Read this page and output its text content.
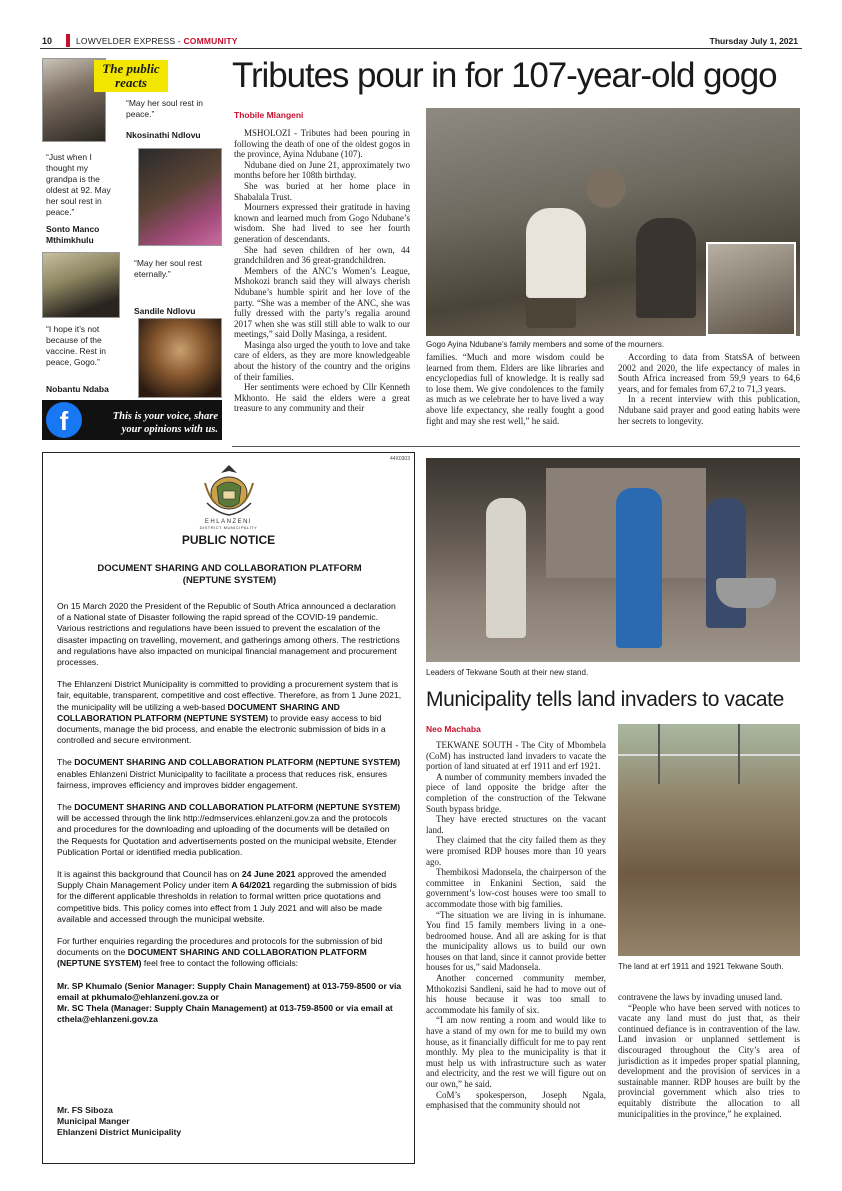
10	LOWVELDER EXPRESS - COMMUNITY	Thursday July 1, 2021
The public
reacts
“May her soul rest in peace.”
Nkosinathi Ndlovu
“Just when I thought my grandpa is the oldest at 92. May her soul rest in peace.”
Sonto Manco Mthimkhulu
“May her soul rest eternally.”
Sandile Ndlovu
“I hope it’s not because of the vaccine. Rest in peace, Gogo.”
Nobantu Ndaba
f	This is your voice, share
your opinions with us.
Tributes pour in for 107-year-old gogo
Thobile Mlangeni

MSHOLOZI - Tributes had been pouring in following the death of one of the oldest gogos in the province, Ayina Ndubane (107).

Ndubane died on June 21, approximately two months before her 108th birthday.

She was buried at her home place in Shabalala Trust.

Mourners expressed their gratitude in having known and learned much from Gogo Ndubane’s wisdom. She had lived to see her fourth generation of descendants.

She had seven children of her own, 44 grandchildren and 36 great-grandchildren.

Members of the ANC’s Women’s League, Mshokozi branch said they will always cherish Ndubane’s humble spirit and her love of the party. “She was a member of the ANC, she was fully dressed with the party’s regalia around 2017 when she was still still able to walk to our meetings,” said Dolly Masinga, a resident.

Masinga also urged the youth to love and take care of elders, as they are more knowledgeable about the history of the country and the origins of their families.

Her sentiments were echoed by Cllr Kenneth Mkhonto. He said the elders were a great treasure to any community and their

Gogo Ayina Ndubane’s family members and some of the mourners.
families. “Much and more wisdom could be learned from them. Elders are like libraries and encyclopedias full of knowledge. It is really sad to lose them. We give condolences to the family as much as we celebrate her to have lived a way above life expectancy, she really fought a good fight and may she rest well,” he said.

According to data from StatsSA of between 2002 and 2020, the life expectancy of males in South Africa increased from 59,9 years to 64,6 years, and for females from 67,2 to 71,3 years.

In a recent interview with this publication, Ndubane said prayer and good eating habits were her secrets to longevity.

44X0303
EHLANZENI
DISTRICT MUNICIPALITY
PUBLIC NOTICE
DOCUMENT SHARING AND COLLABORATION PLATFORM
(NEPTUNE SYSTEM)

On 15 March 2020 the President of the Republic of South Africa announced a declaration of a National state of Disaster following the rapid spread of the COVID-19 pandemic. Various restrictions and regulations have been issued to prevent the escalation of the disaster impacting on travelling, movement, and gatherings among others. The restrictions and regulations have also impacted on municipal financial management and procurement processes.

The Ehlanzeni District Municipality is committed to providing a procurement system that is fair, equitable, transparent, competitive and cost effective. Therefore, as from 1 June 2021, the municipality will be utilizing a web-based DOCUMENT SHARING AND COLLABORATION PLATFORM (NEPTUNE SYSTEM) to provide easy access to bid documents, manage the bid process, and enable the electronic submission of bids in a controlled and secure environment.

The DOCUMENT SHARING AND COLLABORATION PLATFORM (NEPTUNE SYSTEM) enables Ehlanzeni District Municipality to facilitate a process that reduces risk, ensures fairness, improves efficiency and improves bidder engagement.

The DOCUMENT SHARING AND COLLABORATION PLATFORM (NEPTUNE SYSTEM) will be accessed through the link http://edmservices.ehlanzeni.gov.za and the protocols and procedures for the downloading and uploading of the documents will be detailed on the Requests for Quotation and advertisements posted on the municipal website, Etender Publication Portal or identified media publication.

It is against this background that Council has on 24 June 2021 approved the amended Supply Chain Management Policy under item A 64/2021 regarding the submission of bids for the different applicable thresholds in relation to formal written price quotations and competitive bids. This policy comes into effect from 1 July 2021 and will also be made available and accessed through the municipal website.

For further enquiries regarding the procedures and protocols for the submission of bid documents on the DOCUMENT SHARING AND COLLABORATION PLATFORM (NEPTUNE SYSTEM) feel free to contact the following officials:

Mr. SP Khumalo (Senior Manager: Supply Chain Management) at 013-759-8500 or via email at pkhumalo@ehlanzeni.gov.za or
Mr. SC Thela (Manager: Supply Chain Management) at 013-759-8500 or via email at cthela@ehlanzeni.gov.za

Mr. FS Siboza
Municipal Manger
Ehlanzeni District Municipality
Leaders of Tekwane South at their new stand.
Municipality tells land invaders to vacate
Neo Machaba

TEKWANE SOUTH - The City of Mbombela (CoM) has instructed land invaders to vacate the portion of land situated at erf 1911 and erf 1921.

A number of community members invaded the piece of land opposite the bridge after the completion of the construction of the Tekwane South bypass bridge.

They have erected structures on the vacant land.

They claimed that the city failed them as they were promised RDP houses more than 10 years ago.

Thembikosi Madonsela, the chairperson of the committee in Enkanini Section, said the government’s low-cost houses were too small to accommodate those with big families.

“The situation we are living in is inhumane. You find 15 family members living in a one-bedroomed house. And all are asking for is that the municipality allows us to build our own houses on that land, since it cannot provide better houses for us,” said Madonsela.

Another concerned community member, Mthokozisi Sandleni, said he had to move out of his house because it was too small to accommodate his family of six.

“I am now renting a room and would like to have a stand of my own for me to build my own house, as it financially difficult for me to pay rent monthly. My plea to the municipality is that it must help us with infrastructure such as water and electricity, and the rest we will figure out on our own,” he said.

CoM’s spokesperson, Joseph Ngala, emphasised that the community should not

The land at erf 1911 and 1921 Tekwane South.

contravene the laws by invading unused land.

“People who have been served with notices to vacate any land must do just that, as their continued defiance is in contravention of the law. Land invasion or unplanned settlement is discouraged throughout the City’s area of jurisdiction as it impedes proper spatial planning, development and the provision of services in a sustainable manner. RDP houses are built by the provincial government which also tries to equitably distribute the allocation to all municipalities in the province,” he explained.
